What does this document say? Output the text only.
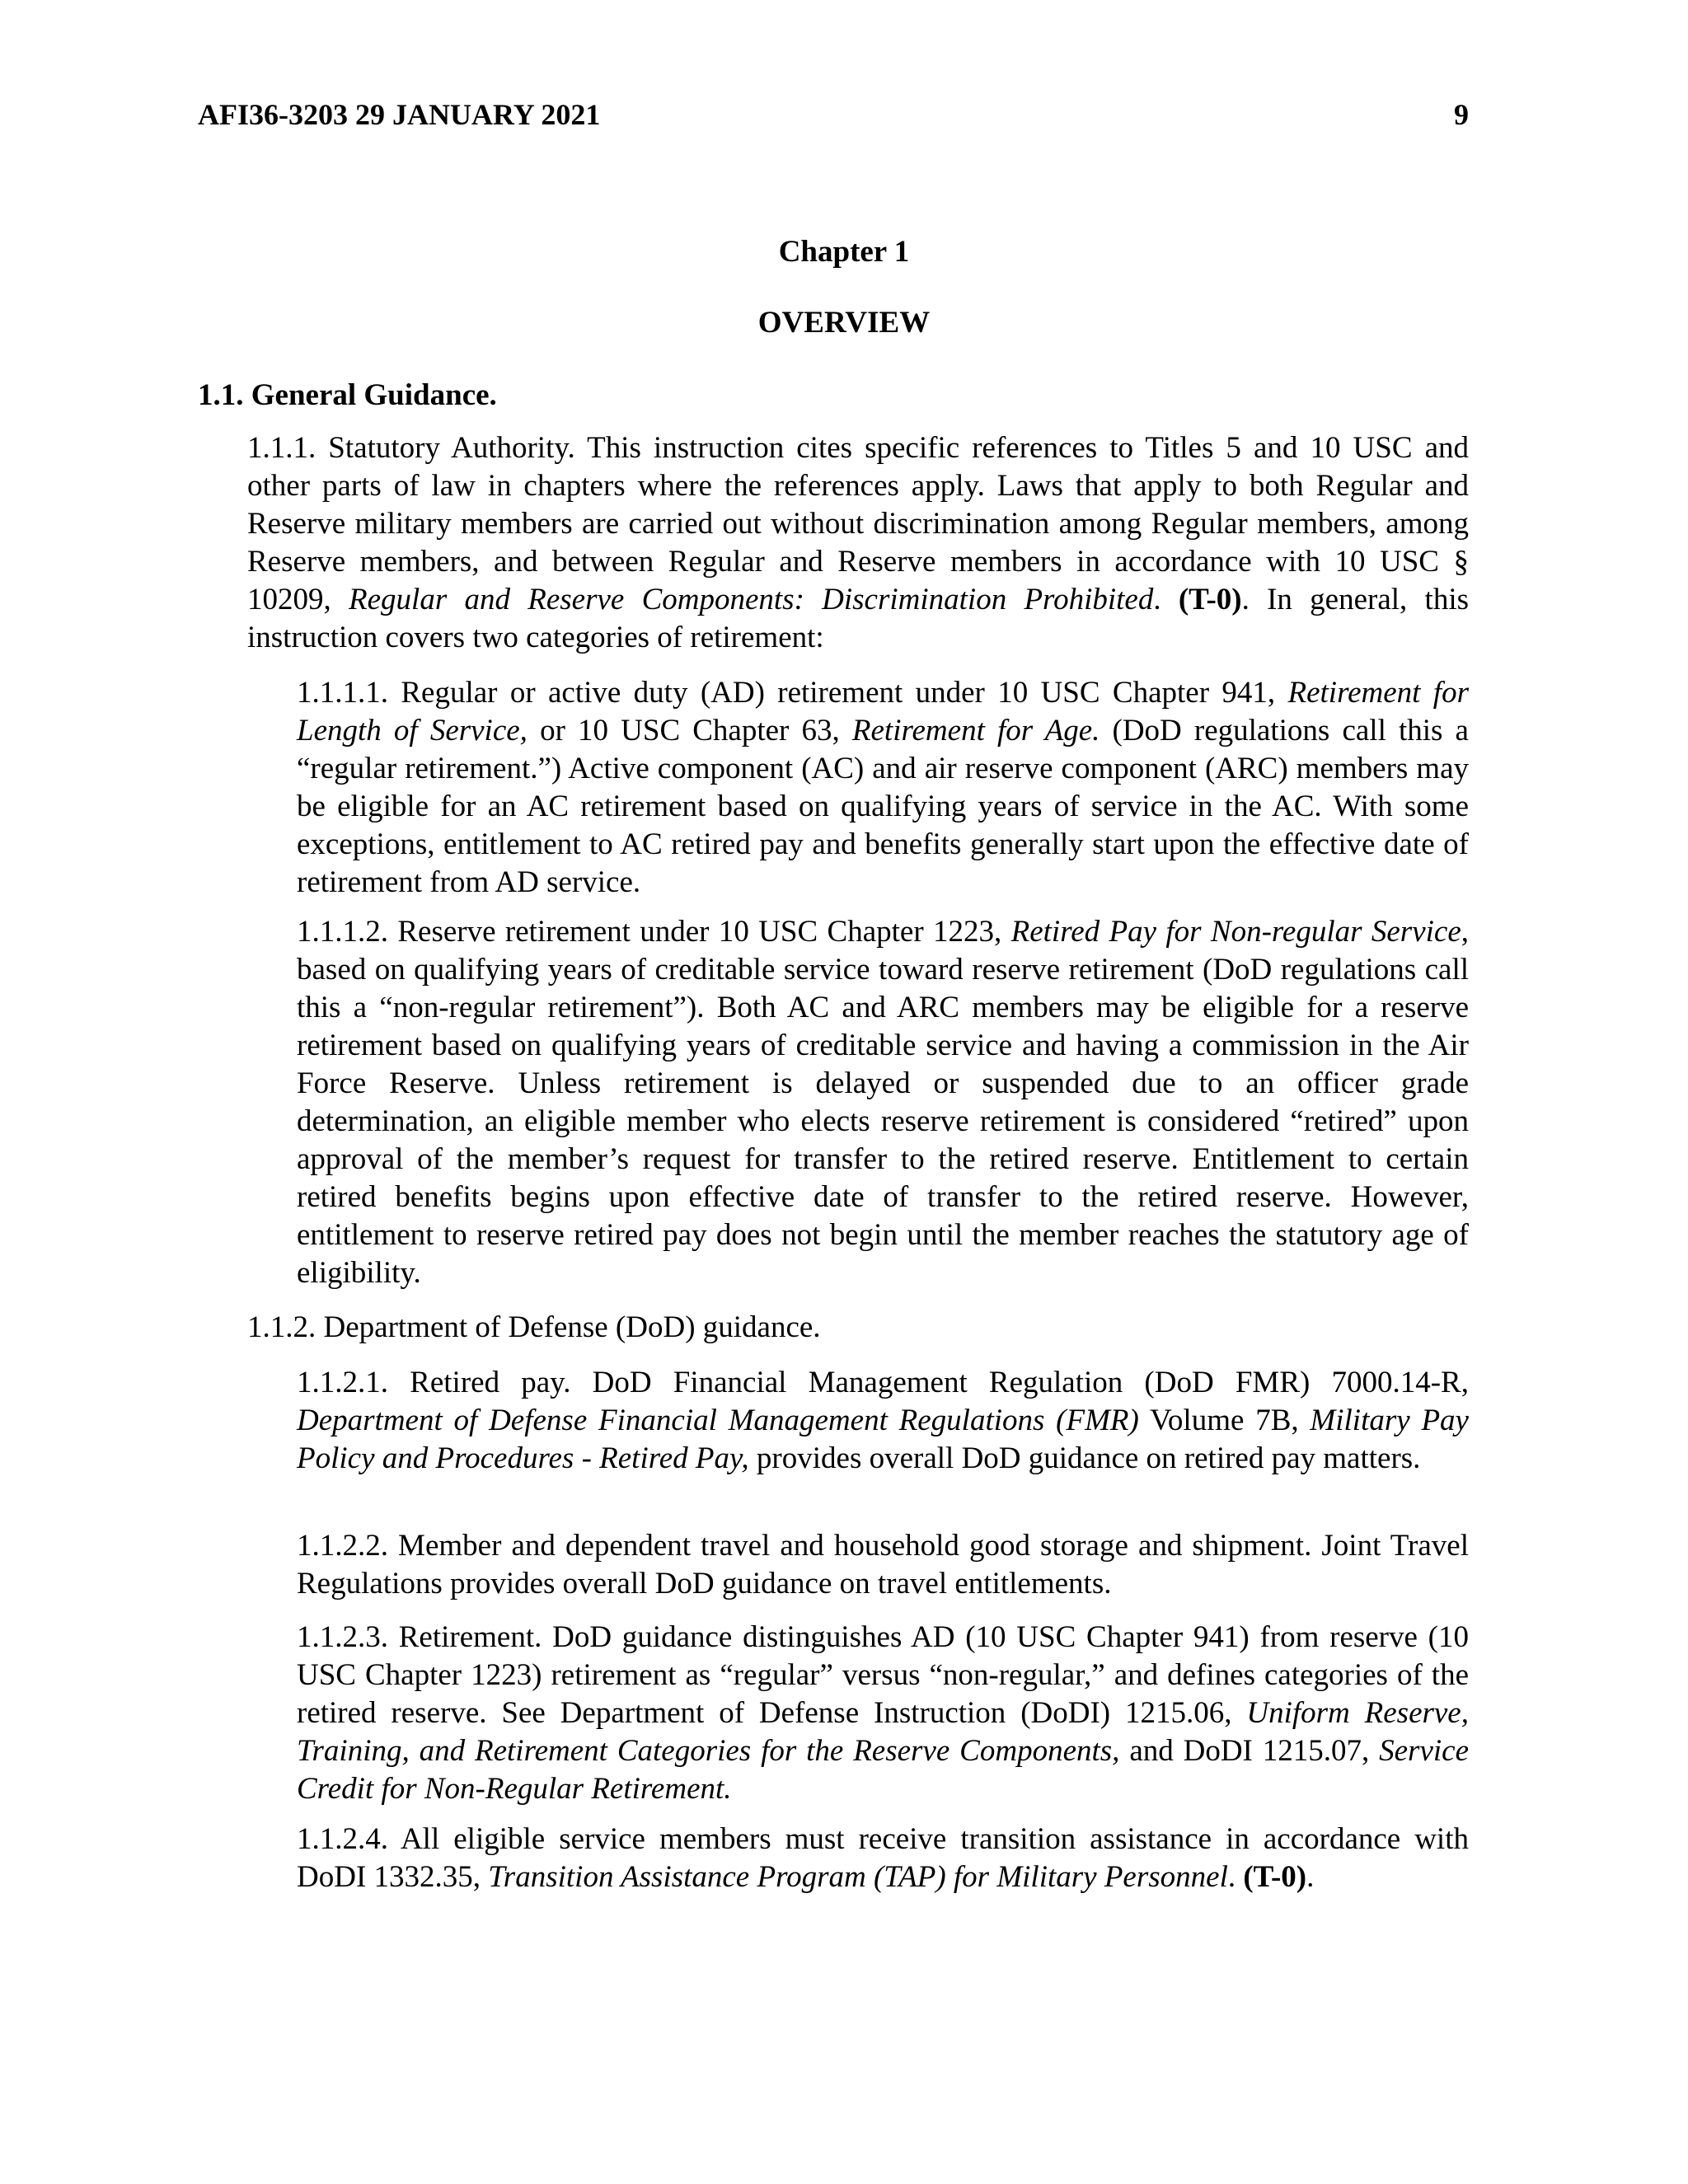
AFI36-3203 29 JANUARY 2021	9
Chapter 1
OVERVIEW
1.1. General Guidance.

1.1.1. Statutory Authority. This instruction cites specific references to Titles 5 and 10 USC and other parts of law in chapters where the references apply. Laws that apply to both Regular and Reserve military members are carried out without discrimination among Regular members, among Reserve members, and between Regular and Reserve members in accordance with 10 USC § 10209, Regular and Reserve Components: Discrimination Prohibited. (T-0). In general, this instruction covers two categories of retirement:

1.1.1.1. Regular or active duty (AD) retirement under 10 USC Chapter 941, Retirement for Length of Service, or 10 USC Chapter 63, Retirement for Age. (DoD regulations call this a “regular retirement.”) Active component (AC) and air reserve component (ARC) members may be eligible for an AC retirement based on qualifying years of service in the AC. With some exceptions, entitlement to AC retired pay and benefits generally start upon the effective date of retirement from AD service.

1.1.1.2. Reserve retirement under 10 USC Chapter 1223, Retired Pay for Non-regular Service, based on qualifying years of creditable service toward reserve retirement (DoD regulations call this a “non-regular retirement”). Both AC and ARC members may be eligible for a reserve retirement based on qualifying years of creditable service and having a commission in the Air Force Reserve. Unless retirement is delayed or suspended due to an officer grade determination, an eligible member who elects reserve retirement is considered “retired” upon approval of the member’s request for transfer to the retired reserve. Entitlement to certain retired benefits begins upon effective date of transfer to the retired reserve. However, entitlement to reserve retired pay does not begin until the member reaches the statutory age of eligibility.

1.1.2. Department of Defense (DoD) guidance.

1.1.2.1. Retired pay. DoD Financial Management Regulation (DoD FMR) 7000.14-R, Department of Defense Financial Management Regulations (FMR) Volume 7B, Military Pay Policy and Procedures - Retired Pay, provides overall DoD guidance on retired pay matters.

1.1.2.2. Member and dependent travel and household good storage and shipment. Joint Travel Regulations provides overall DoD guidance on travel entitlements.

1.1.2.3. Retirement. DoD guidance distinguishes AD (10 USC Chapter 941) from reserve (10 USC Chapter 1223) retirement as “regular” versus “non-regular,” and defines categories of the retired reserve. See Department of Defense Instruction (DoDI) 1215.06, Uniform Reserve, Training, and Retirement Categories for the Reserve Components, and DoDI 1215.07, Service Credit for Non-Regular Retirement.

1.1.2.4. All eligible service members must receive transition assistance in accordance with DoDI 1332.35, Transition Assistance Program (TAP) for Military Personnel. (T-0).
